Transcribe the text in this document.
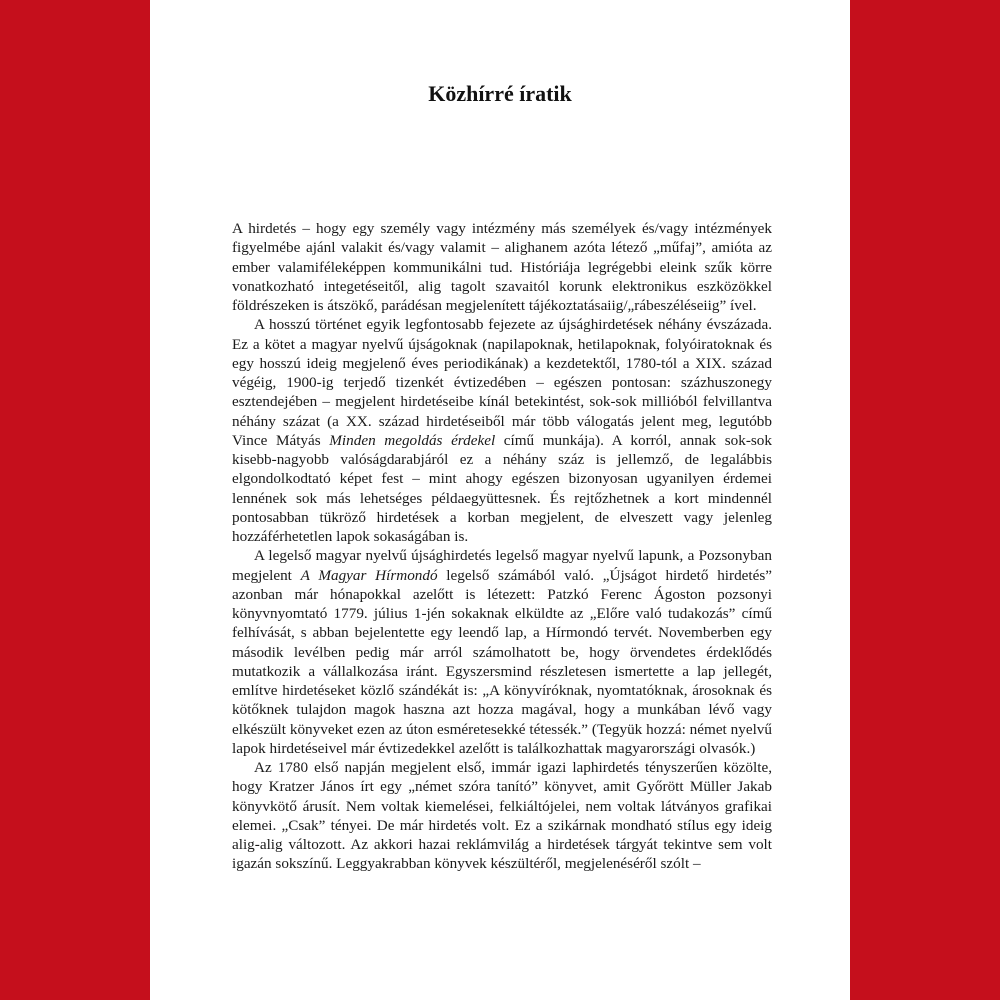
Közhírré íratik

A hirdetés – hogy egy személy vagy intézmény más személyek és/vagy intézmények figyelmébe ajánl valakit és/vagy valamit – alighanem azóta létező „műfaj”, amióta az ember valamiféleképpen kommunikálni tud. Históriája legrégebbi eleink szűk körre vonatkozható integetéseitől, alig tagolt szavaitól korunk elektronikus eszközökkel földrészeken is átszökő, parádésan megjelenített tájékoztatásaiig/„rábeszéléseiig” ível.

A hosszú történet egyik legfontosabb fejezete az újsághirdetések néhány évszázada. Ez a kötet a magyar nyelvű újságoknak (napilapoknak, hetilapoknak, folyóiratoknak és egy hosszú ideig megjelenő éves periodikának) a kezdetektől, 1780-tól a XIX. század végéig, 1900-ig terjedő tizenkét évtizedében – egészen pontosan: százhuszonegy esztendejében – megjelent hirdetéseibe kínál betekintést, sok-sok millióból felvillantva néhány százat (a XX. század hirdetéseiből már több válogatás jelent meg, legutóbb Vince Mátyás Minden megoldás érdekel című munkája). A korról, annak sok-sok kisebb-nagyobb valóságdarabjáról ez a néhány száz is jellemző, de legalábbis elgondolkodtató képet fest – mint ahogy egészen bizonyosan ugyanilyen érdemei lennének sok más lehetséges példaegyüttesnek. És rejtőzhetnek a kort mindennél pontosabban tükröző hirdetések a korban megjelent, de elveszett vagy jelenleg hozzáférhetetlen lapok sokaságában is.

A legelső magyar nyelvű újsághirdetés legelső magyar nyelvű lapunk, a Pozsonyban megjelent A Magyar Hírmondó legelső számából való. „Újságot hirdető hirdetés” azonban már hónapokkal azelőtt is létezett: Patzkó Ferenc Ágoston pozsonyi könyvnyomtató 1779. július 1-jén sokaknak elküldte az „Előre való tudakozás” című felhívását, s abban bejelentette egy leendő lap, a Hírmondó tervét. Novemberben egy második levélben pedig már arról számolhatott be, hogy örvendetes érdeklődés mutatkozik a vállalkozása iránt. Egyszersmind részletesen ismertette a lap jellegét, említve hirdetéseket közlő szándékát is: „A könyvíróknak, nyomtatóknak, árosoknak és kötőknek tulajdon magok haszna azt hozza magával, hogy a munkában lévő vagy elkészült könyveket ezen az úton esméretesekké tétessék.” (Tegyük hozzá: német nyelvű lapok hirdetéseivel már évtizedekkel azelőtt is találkozhattak magyarországi olvasók.)

Az 1780 első napján megjelent első, immár igazi laphirdetés tényszerűen közölte, hogy Kratzer János írt egy „német szóra tanító” könyvet, amit Győrött Müller Jakab könyvkötő árusít. Nem voltak kiemelései, felkiáltójelei, nem voltak látványos grafikai elemei. „Csak” tényei. De már hirdetés volt. Ez a szikárnak mondható stílus egy ideig alig-alig változott. Az akkori hazai reklámvilág a hirdetések tárgyát tekintve sem volt igazán sokszínű. Leggyakrabban könyvek készültéről, megjelenéséről szólt –
